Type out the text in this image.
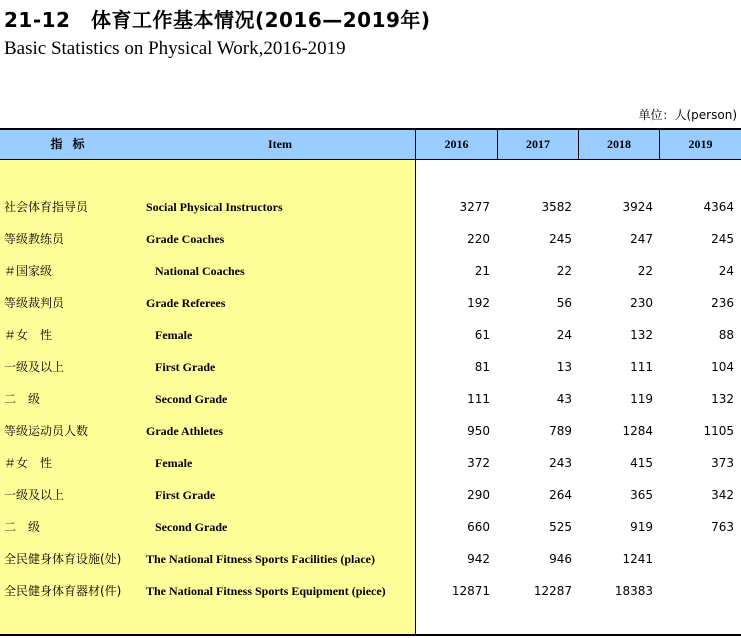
21-12　体育工作基本情况(2016—2019年)
Basic Statistics on Physical Work,2016-2019
单位：人(person)
指标	Item	2016	2017	2018	2019
社会体育指导员	Social Physical Instructors	3277	3582	3924	4364
等级教练员	Grade Coaches	220	245	247	245
＃国家级	National Coaches	21	22	22	24
等级裁判员	Grade Referees	192	56	230	236
＃女　性	Female	61	24	132	88
一级及以上	First Grade	81	13	111	104
二　级	Second Grade	111	43	119	132
等级运动员人数	Grade Athletes	950	789	1284	1105
＃女　性	Female	372	243	415	373
一级及以上	First Grade	290	264	365	342
二　级	Second Grade	660	525	919	763
全民健身体育设施(处) The National Fitness Sports Facilities (place)	942	946	1241
全民健身体育器材(件) The National Fitness Sports Equipment (piece)	12871	12287	18383
